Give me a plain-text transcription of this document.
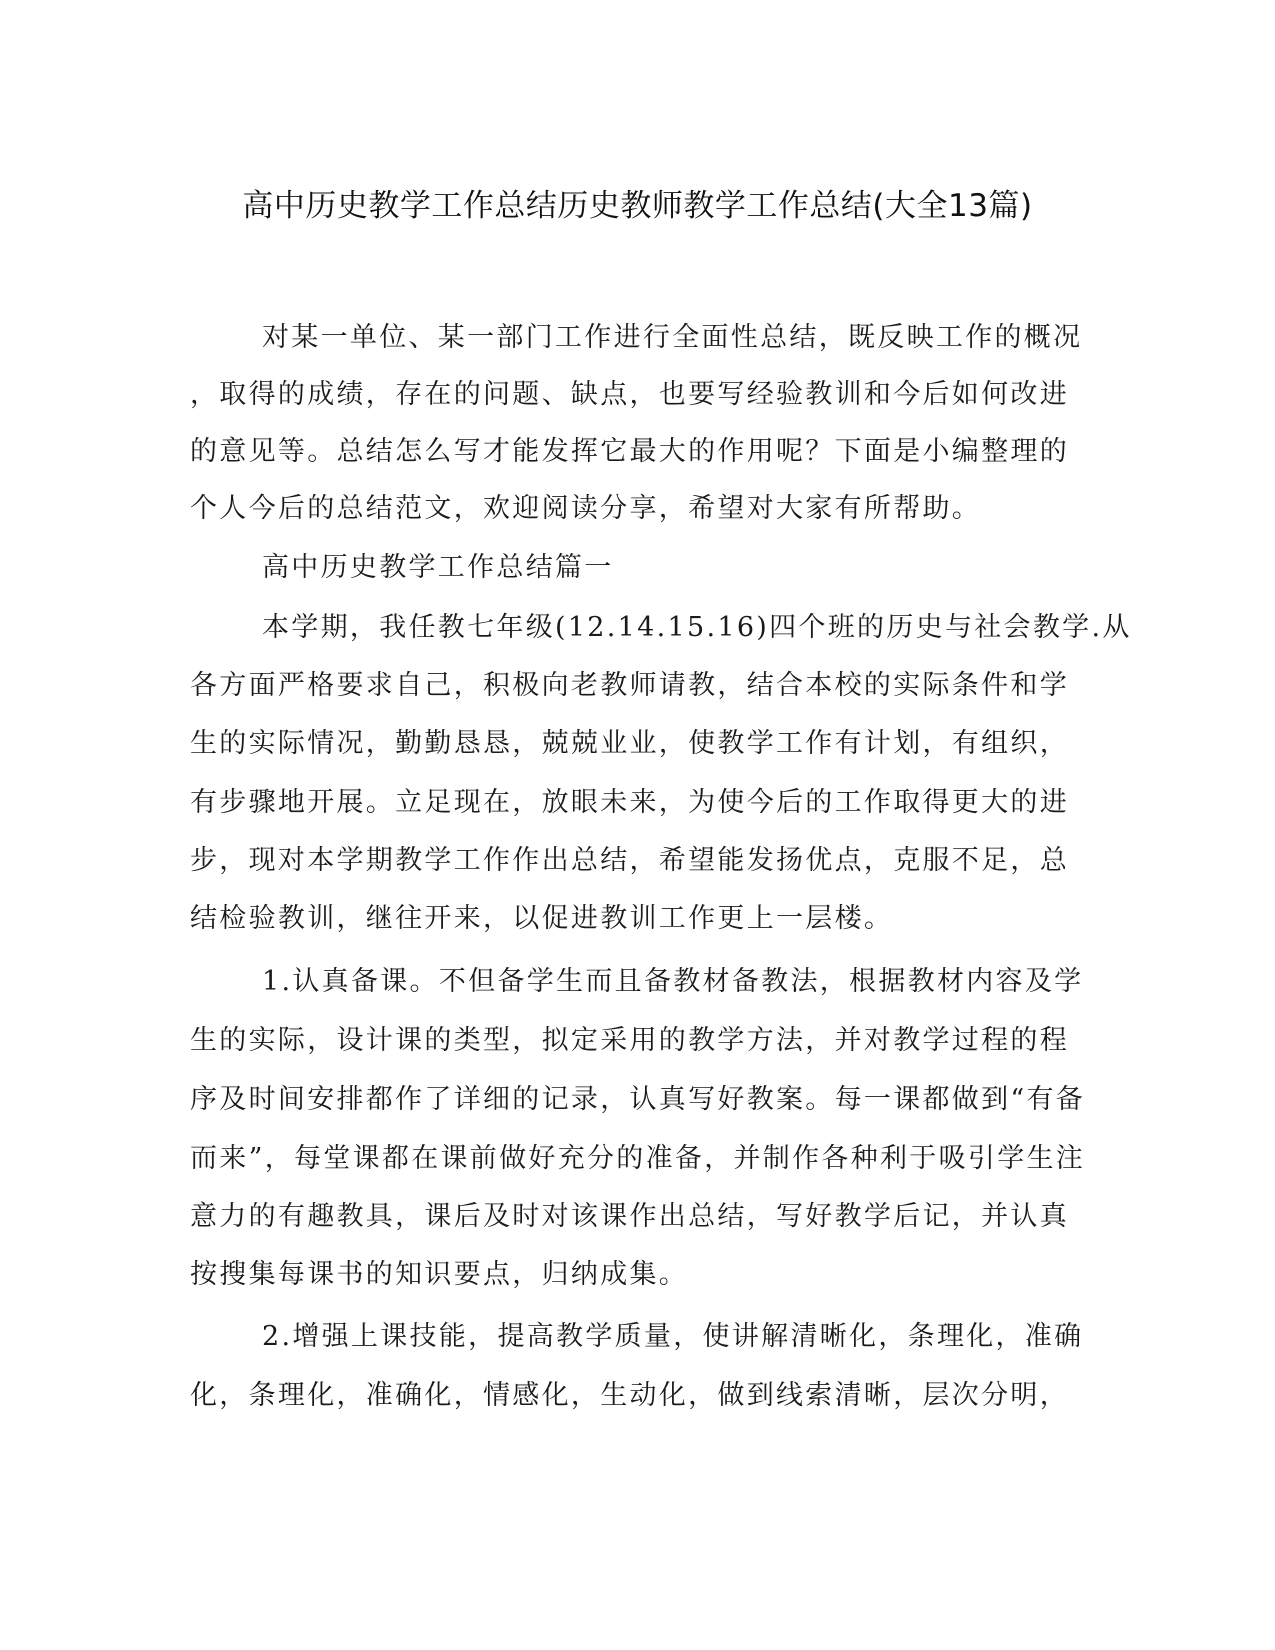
高中历史教学工作总结历史教师教学工作总结(大全13篇)
对某一单位、某一部门工作进行全面性总结，既反映工作的概况
，取得的成绩，存在的问题、缺点，也要写经验教训和今后如何改进
的意见等。总结怎么写才能发挥它最大的作用呢？下面是小编整理的
个人今后的总结范文，欢迎阅读分享，希望对大家有所帮助。
高中历史教学工作总结篇一
本学期，我任教七年级(12.14.15.16)四个班的历史与社会教学.从
各方面严格要求自己，积极向老教师请教，结合本校的实际条件和学
生的实际情况，勤勤恳恳，兢兢业业，使教学工作有计划，有组织，
有步骤地开展。立足现在，放眼未来，为使今后的工作取得更大的进
步，现对本学期教学工作作出总结，希望能发扬优点，克服不足，总
结检验教训，继往开来，以促进教训工作更上一层楼。
1.认真备课。不但备学生而且备教材备教法，根据教材内容及学
生的实际，设计课的类型，拟定采用的教学方法，并对教学过程的程
序及时间安排都作了详细的记录，认真写好教案。每一课都做到“有备
而来”，每堂课都在课前做好充分的准备，并制作各种利于吸引学生注
意力的有趣教具，课后及时对该课作出总结，写好教学后记，并认真
按搜集每课书的知识要点，归纳成集。
2.增强上课技能，提高教学质量，使讲解清晰化，条理化，准确
化，条理化，准确化，情感化，生动化，做到线索清晰，层次分明，
